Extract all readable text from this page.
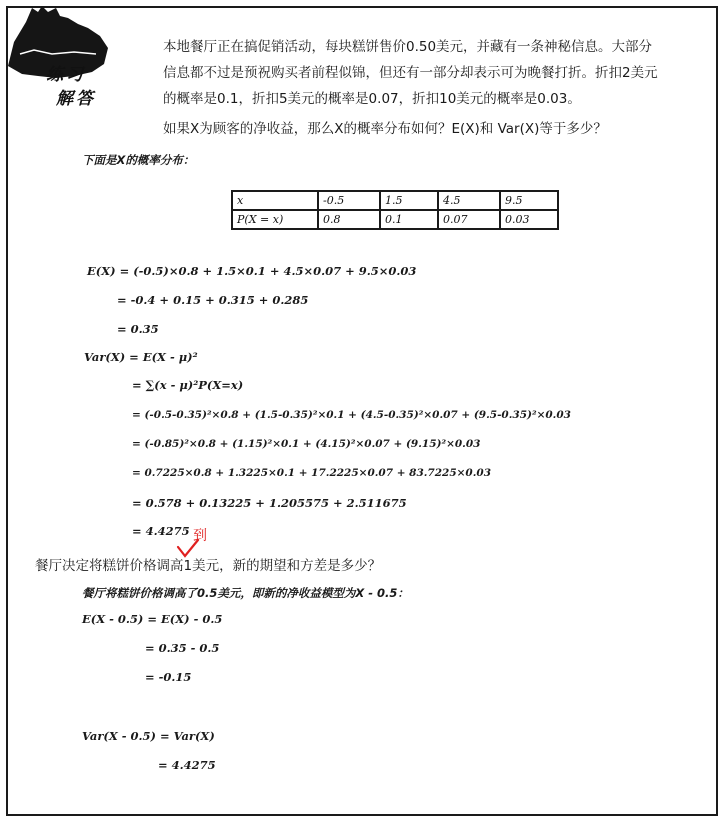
练习
解答

本地餐厅正在搞促销活动，每块糕饼售价0.50美元，并藏有一条神秘信息。大部分

信息都不过是预祝购买者前程似锦，但还有一部分却表示可为晚餐打折。折扣2美元

的概率是0.1，折扣5美元的概率是0.07，折扣10美元的概率是0.03。

如果X为顾客的净收益，那么X的概率分布如何？E(X)和 Var(X)等于多少？
下面是X的概率分布：
x	-0.5	1.5	4.5	9.5
P(X = x)	0.8	0.1	0.07	0.03
E(X) = (-0.5)×0.8 + 1.5×0.1 + 4.5×0.07 + 9.5×0.03
= -0.4 + 0.15 + 0.315 + 0.285
= 0.35
Var(X) = E(X - μ)²
= ∑(x - μ)²P(X=x)
= (-0.5-0.35)²×0.8 + (1.5-0.35)²×0.1 + (4.5-0.35)²×0.07 + (9.5-0.35)²×0.03
= (-0.85)²×0.8 + (1.15)²×0.1 + (4.15)²×0.07 + (9.15)²×0.03
= 0.7225×0.8 + 1.3225×0.1 + 17.2225×0.07 + 83.7225×0.03
= 0.578 + 0.13225 + 1.205575 + 2.511675
= 4.4275 到
餐厅决定将糕饼价格调高1美元，新的期望和方差是多少？
餐厅将糕饼价格调高了0.5美元，即新的净收益模型为X - 0.5：
E(X - 0.5) = E(X) - 0.5
= 0.35 - 0.5
= -0.15
Var(X - 0.5) = Var(X)
= 4.4275
